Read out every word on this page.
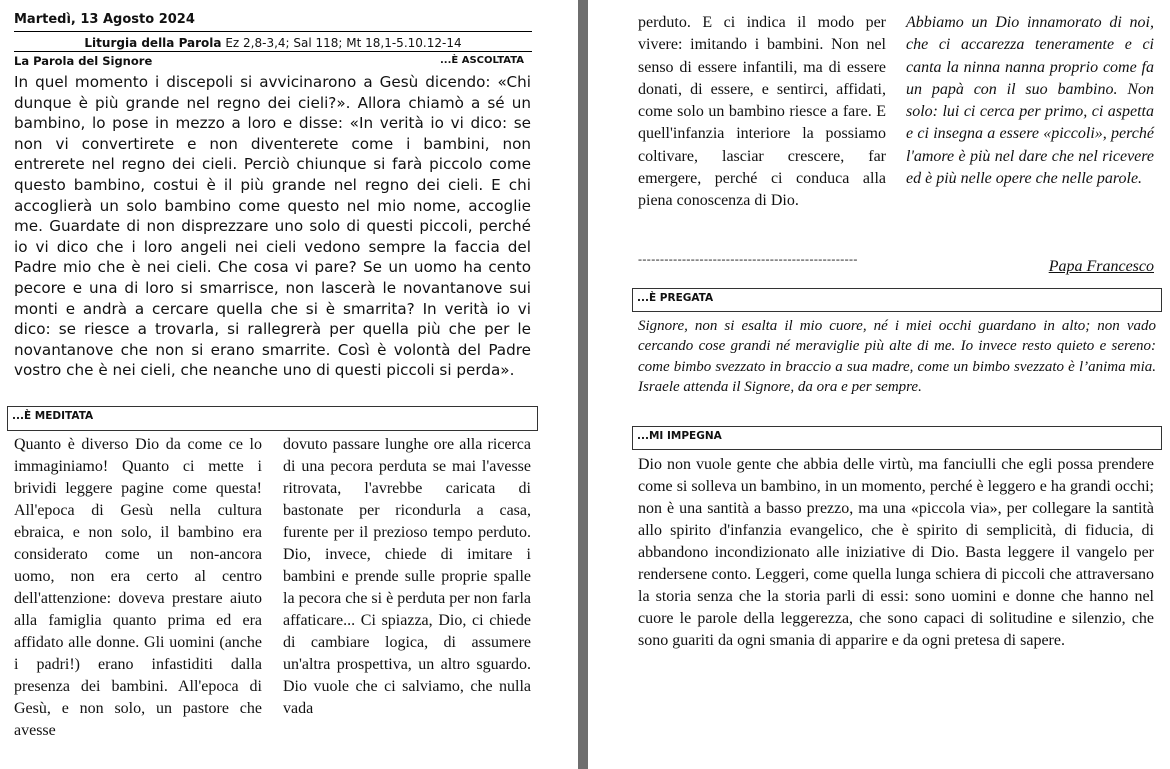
Martedì, 13 Agosto 2024
Liturgia della Parola Ez 2,8-3,4; Sal 118; Mt 18,1-5.10.12-14
La Parola del Signore	...È ASCOLTATA

In quel momento i discepoli si avvicinarono a Gesù dicendo: «Chi dunque è più grande nel regno dei cieli?». Allora chiamò a sé un bambino, lo pose in mezzo a loro e disse: «In verità io vi dico: se non vi convertirete e non diventerete come i bambini, non entrerete nel regno dei cieli. Perciò chiunque si farà piccolo come questo bambino, costui è il più grande nel regno dei cieli. E chi accoglierà un solo bambino come questo nel mio nome, accoglie me. Guardate di non disprezzare uno solo di questi piccoli, perché io vi dico che i loro angeli nei cieli vedono sempre la faccia del Padre mio che è nei cieli. Che cosa vi pare? Se un uomo ha cento pecore e una di loro si smarrisce, non lascerà le novantanove sui monti e andrà a cercare quella che si è smarrita? In verità io vi dico: se riesce a trovarla, si rallegrerà per quella più che per le novantanove che non si erano smarrite. Così è volontà del Padre vostro che è nei cieli, che neanche uno di questi piccoli si perda».

...È MEDITATA

Quanto è diverso Dio da come ce lo immaginiamo! Quanto ci mette i brividi leggere pagine come questa! All'epoca di Gesù nella cultura ebraica, e non solo, il bambino era considerato come un non-ancora uomo, non era certo al centro dell'attenzione: doveva prestare aiuto alla famiglia quanto prima ed era affidato alle donne. Gli uomini (anche i padri!) erano infastiditi dalla presenza dei bambini. All'epoca di Gesù, e non solo, un pastore che avesse

dovuto passare lunghe ore alla ricerca di una pecora perduta se mai l'avesse ritrovata, l'avrebbe caricata di bastonate per ricondurla a casa, furente per il prezioso tempo perduto. Dio, invece, chiede di imitare i bambini e prende sulle proprie spalle la pecora che si è perduta per non farla affaticare... Ci spiazza, Dio, ci chiede di cambiare logica, di assumere un'altra prospettiva, un altro sguardo. Dio vuole che ci salviamo, che nulla vada

perduto. E ci indica il modo per vivere: imitando i bambini. Non nel senso di essere infantili, ma di essere donati, di essere, e sentirci, affidati, come solo un bambino riesce a fare. E quell'infanzia interiore la possiamo coltivare, lasciar crescere, far emergere, perché ci conduca alla piena conoscenza di Dio.

--------------------------------------------------

Abbiamo un Dio innamorato di noi, che ci accarezza teneramente e ci canta la ninna nanna proprio come fa un papà con il suo bambino. Non solo: lui ci cerca per primo, ci aspetta e ci insegna a essere «piccoli», perché l'amore è più nel dare che nel ricevere ed è più nelle opere che nelle parole.

Papa Francesco
...È PREGATA

Signore, non si esalta il mio cuore, né i miei occhi guardano in alto; non vado cercando cose grandi né meraviglie più alte di me. Io invece resto quieto e sereno: come bimbo svezzato in braccio a sua madre, come un bimbo svezzato è l’anima mia. Israele attenda il Signore, da ora e per sempre.

...MI IMPEGNA

Dio non vuole gente che abbia delle virtù, ma fanciulli che egli possa prendere come si solleva un bambino, in un momento, perché è leggero e ha grandi occhi; non è una santità a basso prezzo, ma una «piccola via», per collegare la santità allo spirito d'infanzia evangelico, che è spirito di semplicità, di fiducia, di abbandono incondizionato alle iniziative di Dio. Basta leggere il vangelo per rendersene conto. Leggeri, come quella lunga schiera di piccoli che attraversano la storia senza che la storia parli di essi: sono uomini e donne che hanno nel cuore le parole della leggerezza, che sono capaci di solitudine e silenzio, che sono guariti da ogni smania di apparire e da ogni pretesa di sapere.
